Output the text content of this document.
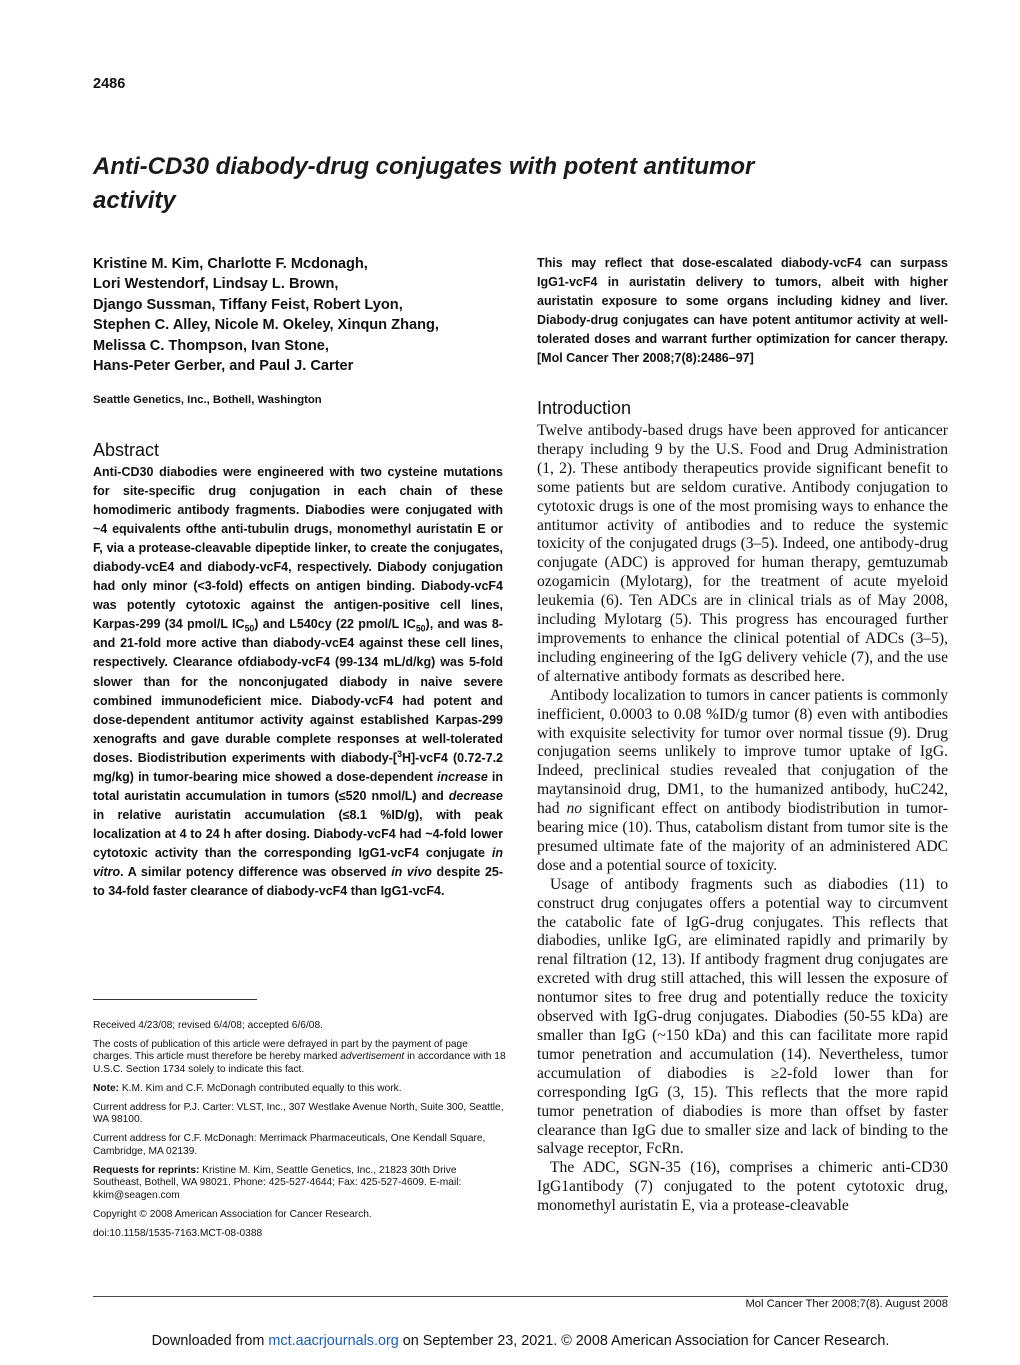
2486
Anti-CD30 diabody-drug conjugates with potent antitumor activity
Kristine M. Kim, Charlotte F. Mcdonagh,
Lori Westendorf, Lindsay L. Brown,
Django Sussman, Tiffany Feist, Robert Lyon,
Stephen C. Alley, Nicole M. Okeley, Xinqun Zhang,
Melissa C. Thompson, Ivan Stone,
Hans-Peter Gerber, and Paul J. Carter
Seattle Genetics, Inc., Bothell, Washington
Abstract
Anti-CD30 diabodies were engineered with two cysteine mutations for site-specific drug conjugation in each chain of these homodimeric antibody fragments. Diabodies were conjugated with ~4 equivalents ofthe anti-tubulin drugs, monomethyl auristatin E or F, via a protease-cleavable dipeptide linker, to create the conjugates, diabody-vcE4 and diabody-vcF4, respectively. Diabody conjugation had only minor (<3-fold) effects on antigen binding. Diabody-vcF4 was potently cytotoxic against the antigen-positive cell lines, Karpas-299 (34 pmol/L $IC_{50}$) and L540cy (22 pmol/L $IC_{50}$), and was 8- and 21-fold more active than diabody-vcE4 against these cell lines, respectively. Clearance ofdiabody-vcF4 (99-134 mL/d/kg) was 5-fold slower than for the nonconjugated diabody in naive severe combined immunodeficient mice. Diabody-vcF4 had potent and dose-dependent antitumor activity against established Karpas-299 xenografts and gave durable complete responses at well-tolerated doses. Biodistribution experiments with diabody-[$^3$H]-vcF4 (0.72-7.2 mg/kg) in tumor-bearing mice showed a dose-dependent increase in total auristatin accumulation in tumors (≤520 nmol/L) and decrease in relative auristatin accumulation (≤8.1 %ID/g), with peak localization at 4 to 24 h after dosing. Diabody-vcF4 had ~4-fold lower cytotoxic activity than the corresponding IgG1-vcF4 conjugate in vitro. A similar potency difference was observed in vivo despite 25- to 34-fold faster clearance of diabody-vcF4 than IgG1-vcF4.

Received 4/23/08; revised 6/4/08; accepted 6/6/08.

The costs of publication of this article were defrayed in part by the payment of page charges. This article must therefore be hereby marked advertisement in accordance with 18 U.S.C. Section 1734 solely to indicate this fact.

Note: K.M. Kim and C.F. McDonagh contributed equally to this work.

Current address for P.J. Carter: VLST, Inc., 307 Westlake Avenue North, Suite 300, Seattle, WA 98100.

Current address for C.F. McDonagh: Merrimack Pharmaceuticals, One Kendall Square, Cambridge, MA 02139.

Requests for reprints: Kristine M. Kim, Seattle Genetics, Inc., 21823 30th Drive Southeast, Bothell, WA 98021. Phone: 425-527-4644; Fax: 425-527-4609. E-mail: kkim@seagen.com

Copyright © 2008 American Association for Cancer Research.

doi:10.1158/1535-7163.MCT-08-0388

This may reflect that dose-escalated diabody-vcF4 can surpass IgG1-vcF4 in auristatin delivery to tumors, albeit with higher auristatin exposure to some organs including kidney and liver. Diabody-drug conjugates can have potent antitumor activity at well-tolerated doses and warrant further optimization for cancer therapy. [Mol Cancer Ther 2008;7(8):2486–97]
Introduction

Twelve antibody-based drugs have been approved for anticancer therapy including 9 by the U.S. Food and Drug Administration (1, 2). These antibody therapeutics provide significant benefit to some patients but are seldom curative. Antibody conjugation to cytotoxic drugs is one of the most promising ways to enhance the antitumor activity of antibodies and to reduce the systemic toxicity of the conjugated drugs (3–5). Indeed, one antibody-drug conjugate (ADC) is approved for human therapy, gemtuzumab ozogamicin (Mylotarg), for the treatment of acute myeloid leukemia (6). Ten ADCs are in clinical trials as of May 2008, including Mylotarg (5). This progress has encouraged further improvements to enhance the clinical potential of ADCs (3–5), including engineering of the IgG delivery vehicle (7), and the use of alternative antibody formats as described here.

Antibody localization to tumors in cancer patients is commonly inefficient, 0.0003 to 0.08 %ID/g tumor (8) even with antibodies with exquisite selectivity for tumor over normal tissue (9). Drug conjugation seems unlikely to improve tumor uptake of IgG. Indeed, preclinical studies revealed that conjugation of the maytansinoid drug, DM1, to the humanized antibody, huC242, had no significant effect on antibody biodistribution in tumor-bearing mice (10). Thus, catabolism distant from tumor site is the presumed ultimate fate of the majority of an administered ADC dose and a potential source of toxicity.

Usage of antibody fragments such as diabodies (11) to construct drug conjugates offers a potential way to circumvent the catabolic fate of IgG-drug conjugates. This reflects that diabodies, unlike IgG, are eliminated rapidly and primarily by renal filtration (12, 13). If antibody fragment drug conjugates are excreted with drug still attached, this will lessen the exposure of nontumor sites to free drug and potentially reduce the toxicity observed with IgG-drug conjugates. Diabodies (50-55 kDa) are smaller than IgG (~150 kDa) and this can facilitate more rapid tumor penetration and accumulation (14). Nevertheless, tumor accumulation of diabodies is ≥2-fold lower than for corresponding IgG (3, 15). This reflects that the more rapid tumor penetration of diabodies is more than offset by faster clearance than IgG due to smaller size and lack of binding to the salvage receptor, FcRn.

The ADC, SGN-35 (16), comprises a chimeric anti-CD30 IgG1antibody (7) conjugated to the potent cytotoxic drug, monomethyl auristatin E, via a protease-cleavable

Mol Cancer Ther 2008;7(8). August 2008
Downloaded from mct.aacrjournals.org on September 23, 2021. © 2008 American Association for Cancer Research.
